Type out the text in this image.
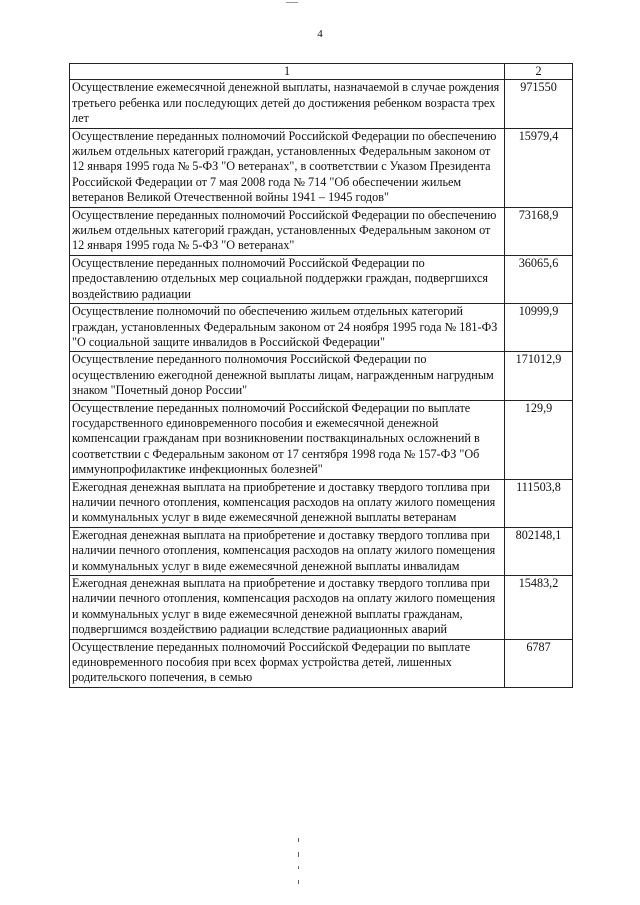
4
1	2
Осуществление ежемесячной денежной выплаты, назначаемой в случае рождения третьего ребенка или последующих детей до достижения ребенком возраста трех лет	971550
Осуществление переданных полномочий Российской Федерации по обеспечению жильем отдельных категорий граждан, установленных Федеральным законом от 12 января 1995 года № 5-ФЗ "О ветеранах", в соответствии с Указом Президента Российской Федерации от 7 мая 2008 года № 714 "Об обеспечении жильем ветеранов Великой Отечественной войны 1941 – 1945 годов"	15979,4
Осуществление переданных полномочий Российской Федерации по обеспечению жильем отдельных категорий граждан, установленных Федеральным законом от 12 января 1995 года № 5-ФЗ "О ветеранах"	73168,9
Осуществление переданных полномочий Российской Федерации по предоставлению отдельных мер социальной поддержки граждан, подвергшихся воздействию радиации	36065,6
Осуществление полномочий по обеспечению жильем отдельных категорий граждан, установленных Федеральным законом от 24 ноября 1995 года № 181-ФЗ "О социальной защите инвалидов в Российской Федерации"	10999,9
Осуществление переданного полномочия Российской Федерации по осуществлению ежегодной денежной выплаты лицам, награжденным нагрудным знаком "Почетный донор России"	171012,9
Осуществление переданных полномочий Российской Федерации по выплате государственного единовременного пособия и ежемесячной денежной компенсации гражданам при возникновении поствакцинальных осложнений в соответствии с Федеральным законом от 17 сентября 1998 года № 157-ФЗ "Об иммунопрофилактике инфекционных болезней"	129,9
Ежегодная денежная выплата на приобретение и доставку твердого топлива при наличии печного отопления, компенсация расходов на оплату жилого помещения и коммунальных услуг в виде ежемесячной денежной выплаты ветеранам	111503,8
Ежегодная денежная выплата на приобретение и доставку твердого топлива при наличии печного отопления, компенсация расходов на оплату жилого помещения и коммунальных услуг в виде ежемесячной денежной выплаты инвалидам	802148,1
Ежегодная денежная выплата на приобретение и доставку твердого топлива при наличии печного отопления, компенсация расходов на оплату жилого помещения и коммунальных услуг в виде ежемесячной денежной выплаты гражданам, подвергшимся воздействию радиации вследствие радиационных аварий	15483,2
Осуществление переданных полномочий Российской Федерации по выплате единовременного пособия при всех формах устройства детей, лишенных родительского попечения, в семью	6787
